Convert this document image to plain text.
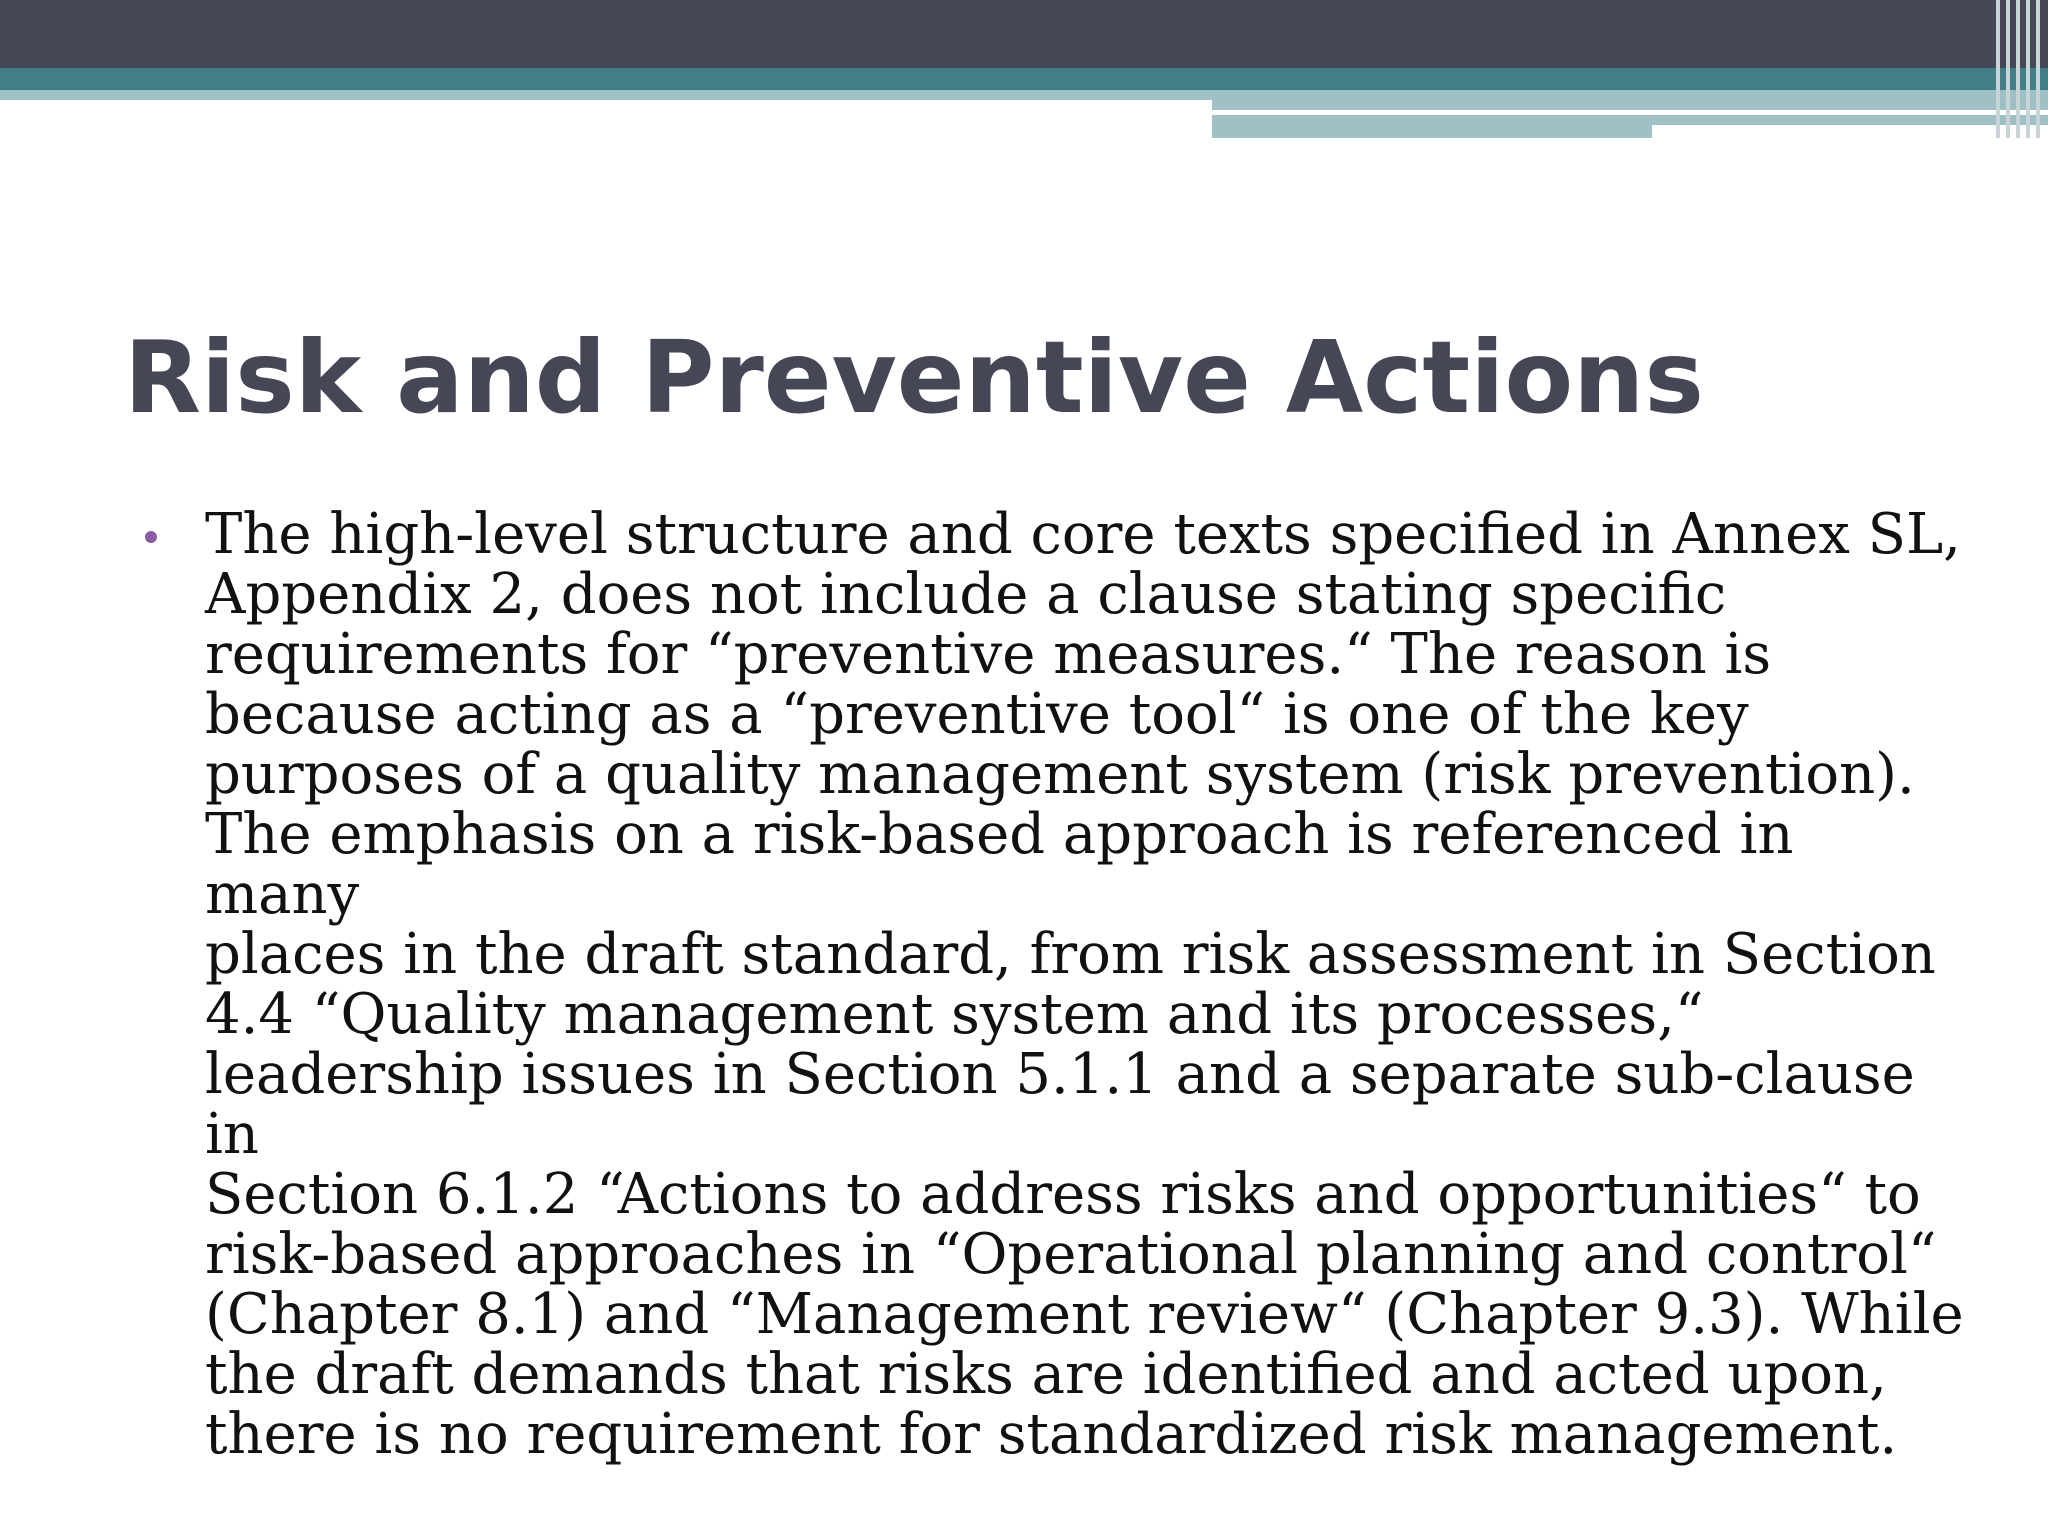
Risk and Preventive Actions
The high-level structure and core texts specified in Annex SL,
Appendix 2, does not include a clause stating specific
requirements for “preventive measures.“ The reason is
because acting as a “preventive tool“ is one of the key
purposes of a quality management system (risk prevention).
The emphasis on a risk-based approach is referenced in many
places in the draft standard, from risk assessment in Section
4.4 “Quality management system and its processes,“
leadership issues in Section 5.1.1 and a separate sub-clause in
Section 6.1.2 “Actions to address risks and opportunities“ to
risk-based approaches in “Operational planning and control“
(Chapter 8.1) and “Management review“ (Chapter 9.3). While
the draft demands that risks are identified and acted upon,
there is no requirement for standardized risk management.
